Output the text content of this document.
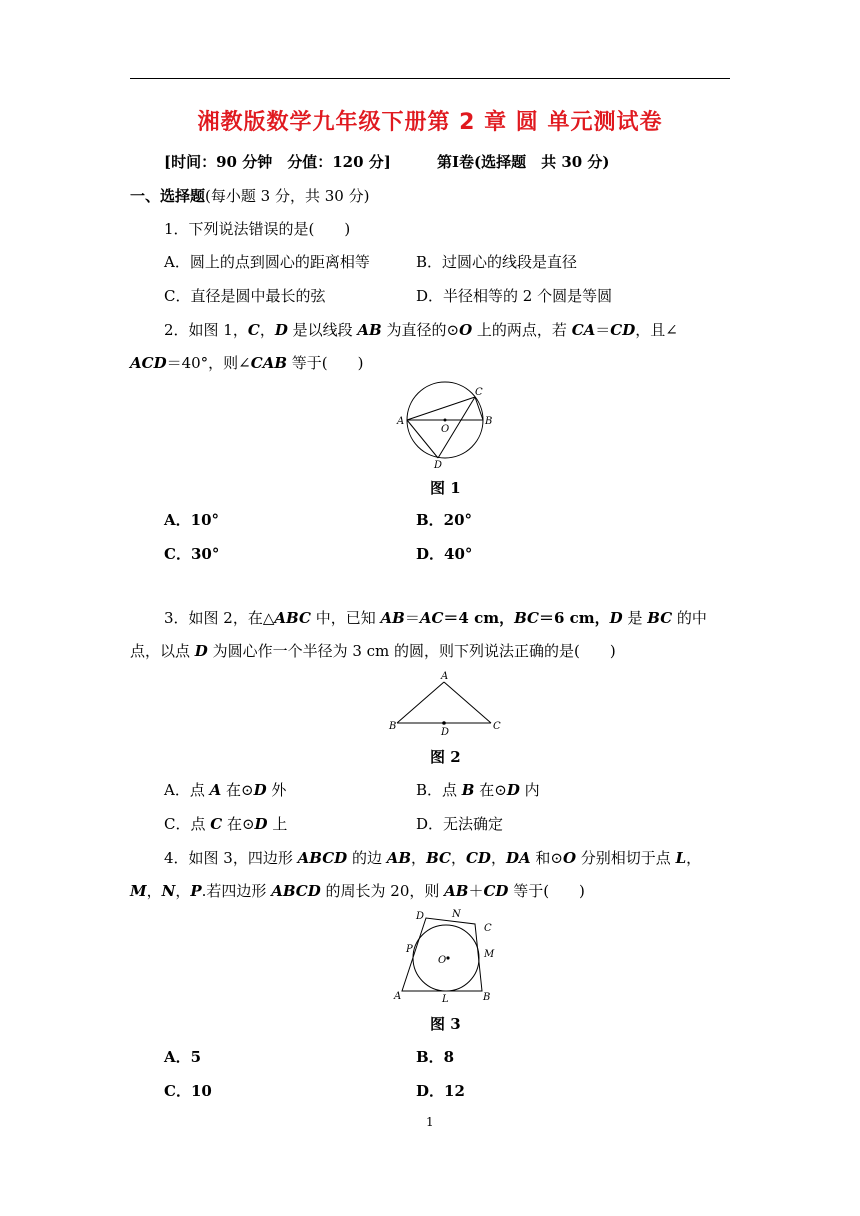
湘教版数学九年级下册第 2 章 圆 单元测试卷
[时间：90 分钟　分值：120 分]	第Ⅰ卷(选择题　共 30 分)
一、选择题(每小题 3 分，共 30 分)
1．下列说法错误的是(　　)
A．圆上的点到圆心的距离相等	B．过圆心的线段是直径
C．直径是圆中最长的弦	D．半径相等的 2 个圆是等圆
2．如图 1，C，D 是以线段 AB 为直径的⊙O 上的两点，若 CA＝CD，且∠
ACD＝40°，则∠CAB 等于(　　)
A	B
C
D
O
图 1
A．10°	B．20°
C．30°	D．40°
3．如图 2，在△ABC 中，已知 AB＝AC＝4 cm，BC＝6 cm，D 是 BC 的中
点，以点 D 为圆心作一个半径为 3 cm 的圆，则下列说法正确的是(　　)
A
B	C
D
图 2
A．点 A 在⊙D 外	B．点 B 在⊙D 内
C．点 C 在⊙D 上	D．无法确定
4．如图 3，四边形 ABCD 的边 AB，BC，CD，DA 和⊙O 分别相切于点 L，
M，N，P.若四边形 ABCD 的周长为 20，则 AB＋CD 等于(　　)
A	B
C
D
L
M
N
O
P
图 3
A．5	B．8
C．10	D．12
1
